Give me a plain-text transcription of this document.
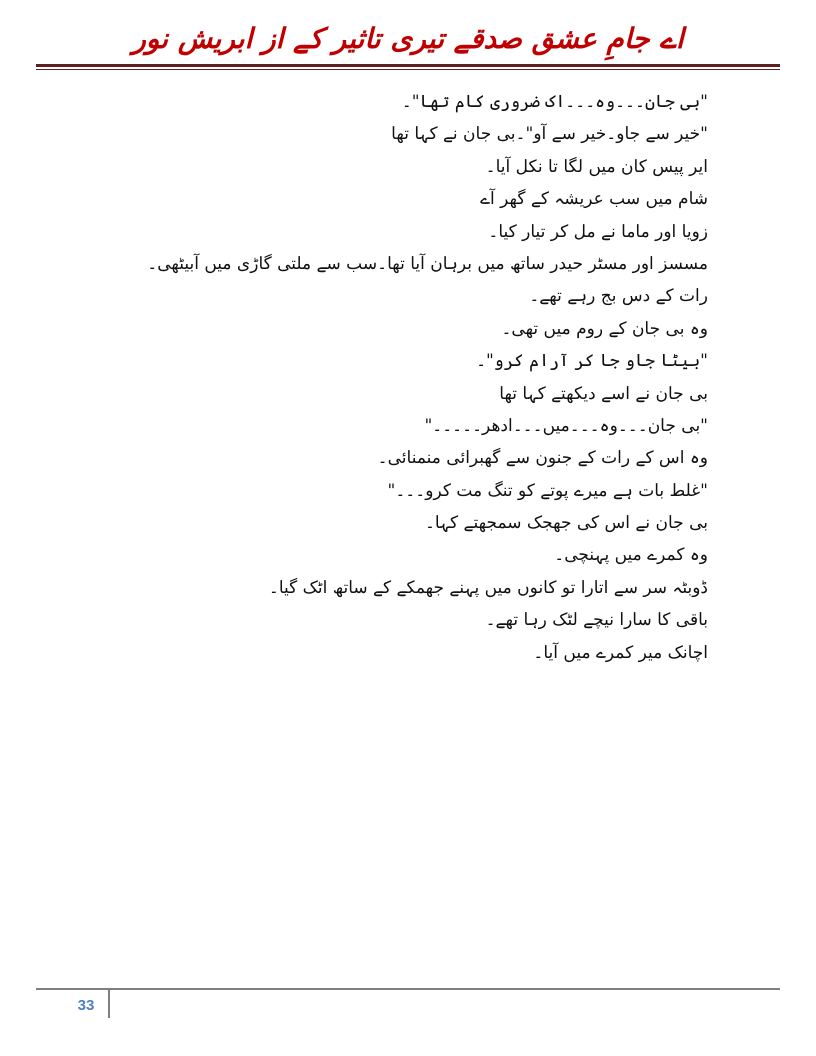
اے جامِ عشق صدقے تیری تاثیر کے از ابریش نور
"بی جان۔۔۔وہ۔۔۔اک ضروری کام تھا"۔
"خیر سے جاو۔خیر سے آو"۔بی جان نے کہا تھا
ایر پیس کان میں لگا تا نکل آیا۔
شام میں سب عریشہ کے گھر آے
زویا اور ماما نے مل کر تیار کیا۔
مسسز اور مسٹر حیدر ساتھ میں برہان آیا تھا۔سب سے ملتی گاڑی میں آبیٹھی۔
رات کے دس بج رہے تھے۔
وہ بی جان کے روم میں تھی۔
"بیٹا جاو جا کر آرام کرو"۔
بی جان نے اسے دیکھتے کہا تھا
"بی جان۔۔۔وہ۔۔۔میں۔۔۔ادھر۔۔۔۔۔"
وہ اس کے رات کے جنون سے گھبرائی منمنائی۔
"غلط بات ہے میرے پوتے کو تنگ مت کرو۔۔۔"
بی جان نے اس کی جھجک سمجھتے کہا۔
وہ کمرے میں پہنچی۔
ڈوبٹہ سر سے اتارا تو کانوں میں پہنے جھمکے کے ساتھ اٹک گیا۔
باقی کا سارا نیچے لٹک رہا تھے۔
اچانک میر کمرے میں آیا۔
33
